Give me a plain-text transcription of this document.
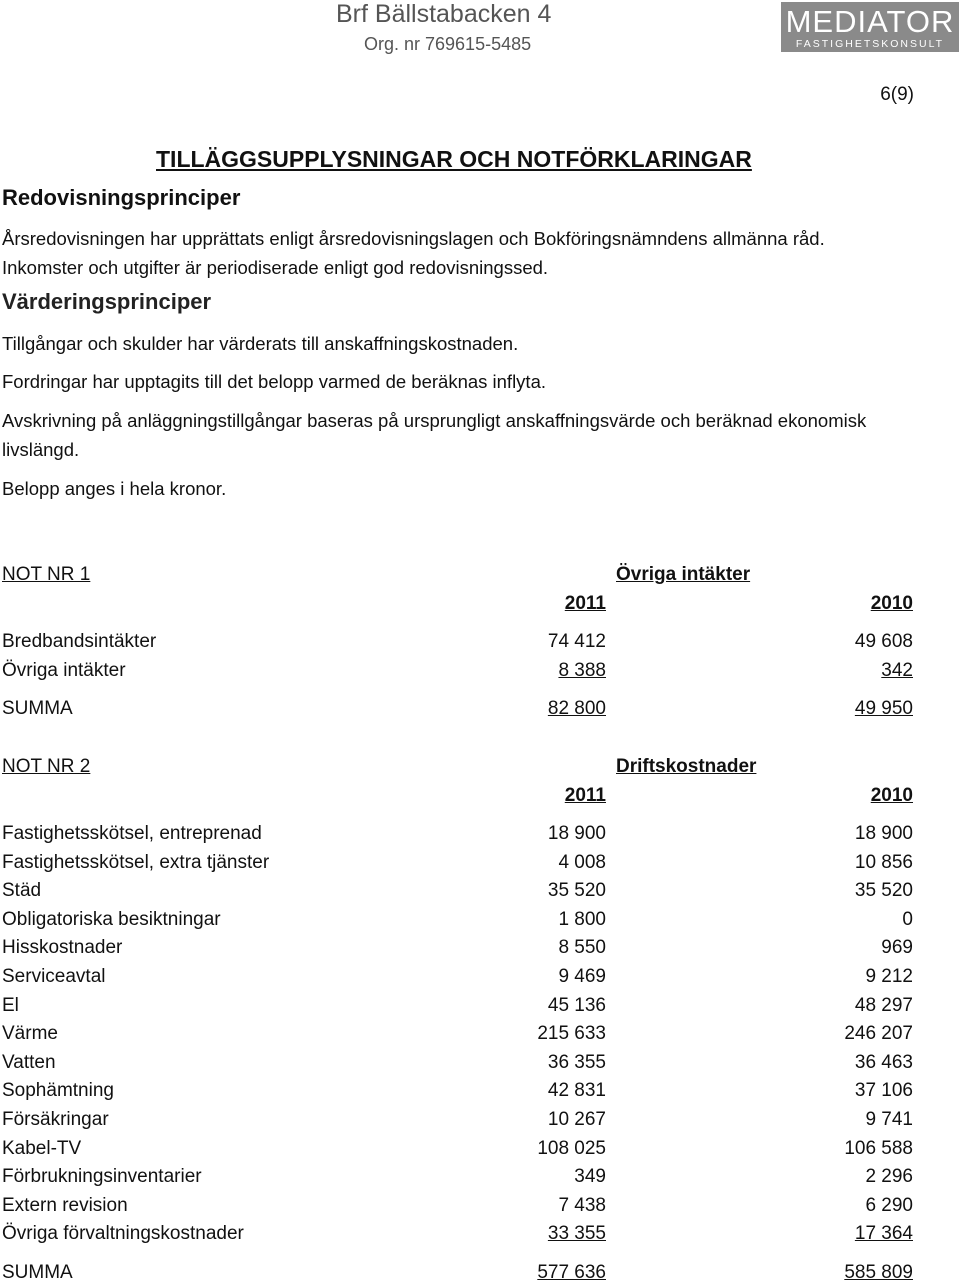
Brf Bällstabacken 4
Org. nr 769615-5485
MEDIATOR
FASTIGHETSKONSULT
6(9)
TILLÄGGSUPPLYSNINGAR OCH NOTFÖRKLARINGAR
Redovisningsprinciper
Årsredovisningen har upprättats enligt årsredovisningslagen och Bokföringsnämndens allmänna råd. Inkomster och utgifter är periodiserade enligt god redovisningssed.
Värderingsprinciper
Tillgångar och skulder har värderats till anskaffningskostnaden.
Fordringar har upptagits till det belopp varmed de beräknas inflyta.
Avskrivning på anläggningstillgångar baseras på ursprungligt anskaffningsvärde och beräknad ekonomisk livslängd.
Belopp anges i hela kronor.
NOT NR 1	Övriga intäkter
2011	2010
Bredbandsintäkter	74 412	49 608
Övriga intäkter	8 388	342
SUMMA	82 800	49 950
NOT NR 2	Driftskostnader
2011	2010
Fastighetsskötsel, entreprenad	18 900	18 900
Fastighetsskötsel, extra tjänster	4 008	10 856
Städ	35 520	35 520
Obligatoriska besiktningar	1 800	0
Hisskostnader	8 550	969
Serviceavtal	9 469	9 212
El	45 136	48 297
Värme	215 633	246 207
Vatten	36 355	36 463
Sophämtning	42 831	37 106
Försäkringar	10 267	9 741
Kabel-TV	108 025	106 588
Förbrukningsinventarier	349	2 296
Extern revision	7 438	6 290
Övriga förvaltningskostnader	33 355	17 364
SUMMA	577 636	585 809
